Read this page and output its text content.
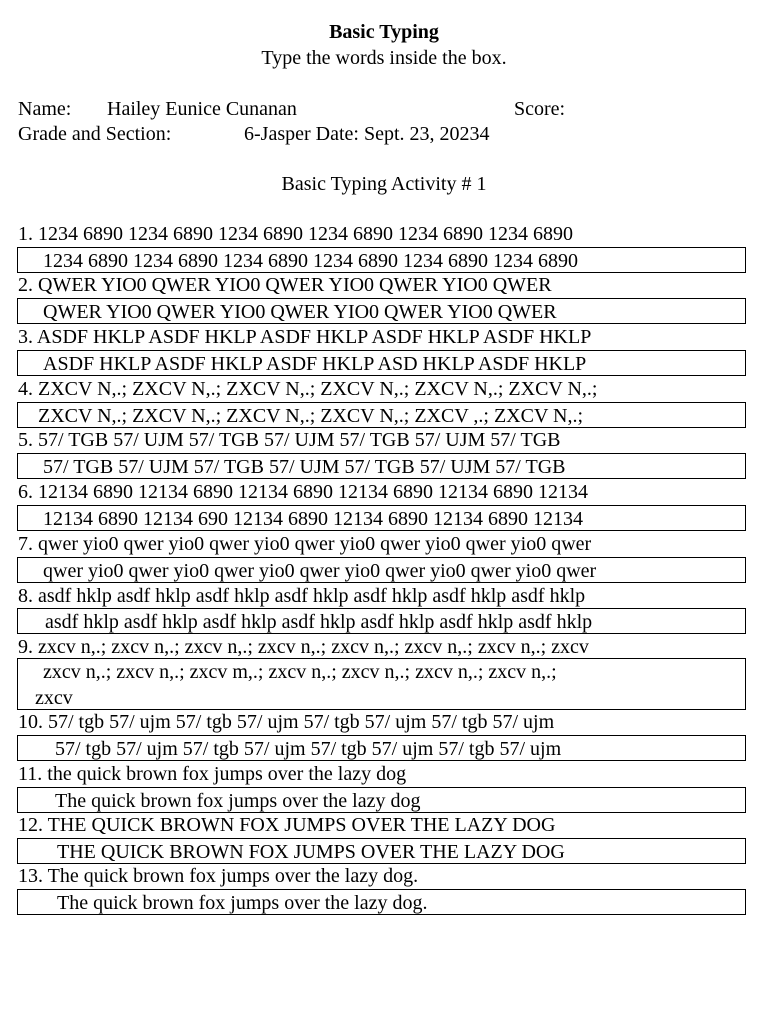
Basic Typing
Type the words inside the box.
Name: Hailey Eunice Cunanan	Score:
Grade and Section:	6-Jasper Date: Sept. 23, 20234
Basic Typing Activity # 1
1. 1234 6890 1234 6890 1234 6890 1234 6890 1234 6890 1234 6890
1234 6890 1234 6890 1234 6890 1234 6890 1234 6890 1234 6890
2. QWER YIO0 QWER YIO0 QWER YIO0 QWER YIO0 QWER
QWER YIO0 QWER YIO0 QWER YIO0 QWER YIO0 QWER
3. ASDF HKLP ASDF HKLP ASDF HKLP ASDF HKLP ASDF HKLP
ASDF HKLP ASDF HKLP ASDF HKLP ASD HKLP ASDF HKLP
4. ZXCV N,.; ZXCV N,.; ZXCV N,.; ZXCV N,.; ZXCV N,.; ZXCV N,.;
ZXCV N,.; ZXCV N,.; ZXCV N,.; ZXCV N,.; ZXCV ,.; ZXCV N,.;
5. 57/ TGB 57/ UJM 57/ TGB 57/ UJM 57/ TGB 57/ UJM 57/ TGB
57/ TGB 57/ UJM 57/ TGB 57/ UJM 57/ TGB 57/ UJM 57/ TGB
6. 12134 6890 12134 6890 12134 6890 12134 6890 12134 6890 12134
12134 6890 12134 690 12134 6890 12134 6890 12134 6890 12134
7. qwer yio0 qwer yio0 qwer yio0 qwer yio0 qwer yio0 qwer yio0 qwer
qwer yio0 qwer yio0 qwer yio0 qwer yio0 qwer yio0 qwer yio0 qwer
8. asdf hklp asdf hklp asdf hklp asdf hklp asdf hklp asdf hklp asdf hklp
asdf hklp asdf hklp asdf hklp asdf hklp asdf hklp asdf hklp asdf hklp
9. zxcv n,.; zxcv n,.; zxcv n,.; zxcv n,.; zxcv n,.; zxcv n,.; zxcv n,.; zxcv
zxcv n,.; zxcv n,.; zxcv m,.; zxcv n,.; zxcv n,.; zxcv n,.; zxcv n,.;
zxcv
10. 57/ tgb 57/ ujm 57/ tgb 57/ ujm 57/ tgb 57/ ujm 57/ tgb 57/ ujm
57/ tgb 57/ ujm 57/ tgb 57/ ujm 57/ tgb 57/ ujm 57/ tgb 57/ ujm
11. the quick brown fox jumps over the lazy dog
The quick brown fox jumps over the lazy dog
12. THE QUICK BROWN FOX JUMPS OVER THE LAZY DOG
THE QUICK BROWN FOX JUMPS OVER THE LAZY DOG
13. The quick brown fox jumps over the lazy dog.
The quick brown fox jumps over the lazy dog.
